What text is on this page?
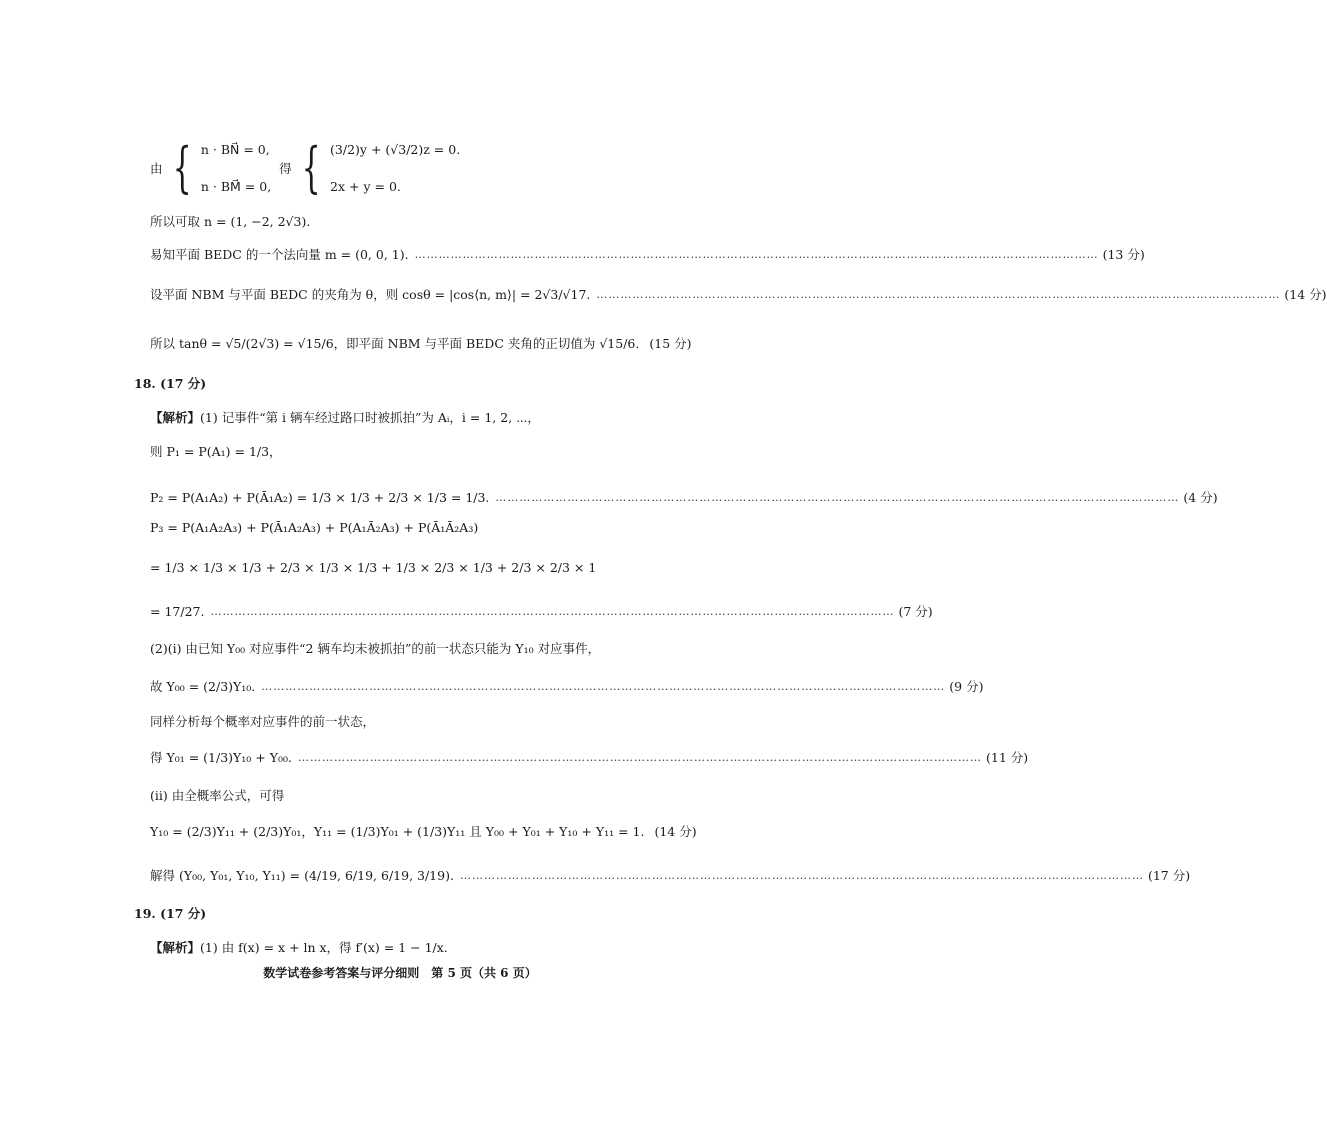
由 { n · BN⃗ = 0,
n · BM⃗ = 0,
得 { (3/2)y + (√3/2)z = 0.
2x + y = 0.
所以可取 n = (1, −2, 2√3).
易知平面 BEDC 的一个法向量 m = (0, 0, 1). ……………………………………………………………………………………………………………………………………………………… (13 分)
设平面 NBM 与平面 BEDC 的夹角为 θ，则 cosθ = |cos⟨n, m⟩| = 2√3/√17. ……………………………………………………………………………………………………………………………………………………… (14 分)
所以 tanθ = √5/(2√3) = √15/6，即平面 NBM 与平面 BEDC 夹角的正切值为 √15/6. (15 分)
18. (17 分)
【解析】 (1) 记事件“第 i 辆车经过路口时被抓拍”为 Aᵢ，i = 1, 2, ⋯，
则 P₁ = P(A₁) = 1/3，
P₂ = P(A₁A₂) + P(Ā₁A₂) = 1/3 × 1/3 + 2/3 × 1/3 = 1/3. ……………………………………………………………………………………………………………………………………………………… (4 分)
P₃ = P(A₁A₂A₃) + P(Ā₁A₂A₃) + P(A₁Ā₂A₃) + P(Ā₁Ā₂A₃)
= 1/3 × 1/3 × 1/3 + 2/3 × 1/3 × 1/3 + 1/3 × 2/3 × 1/3 + 2/3 × 2/3 × 1
= 17/27. ……………………………………………………………………………………………………………………………………………………… (7 分)
(2)(i) 由已知 Y₀₀ 对应事件“2 辆车均未被抓拍”的前一状态只能为 Y₁₀ 对应事件，
故 Y₀₀ = (2/3)Y₁₀. ……………………………………………………………………………………………………………………………………………………… (9 分)
同样分析每个概率对应事件的前一状态，
得 Y₀₁ = (1/3)Y₁₀ + Y₀₀. ……………………………………………………………………………………………………………………………………………………… (11 分)
(ii) 由全概率公式，可得
Y₁₀ = (2/3)Y₁₁ + (2/3)Y₀₁，Y₁₁ = (1/3)Y₀₁ + (1/3)Y₁₁ 且 Y₀₀ + Y₀₁ + Y₁₀ + Y₁₁ = 1. (14 分)
解得 (Y₀₀, Y₀₁, Y₁₀, Y₁₁) = (4/19, 6/19, 6/19, 3/19). ……………………………………………………………………………………………………………………………………………………… (17 分)
19. (17 分)
【解析】 (1) 由 f(x) = x + ln x，得 f′(x) = 1 − 1/x.
数学试卷参考答案与评分细则　第 5 页（共 6 页）
